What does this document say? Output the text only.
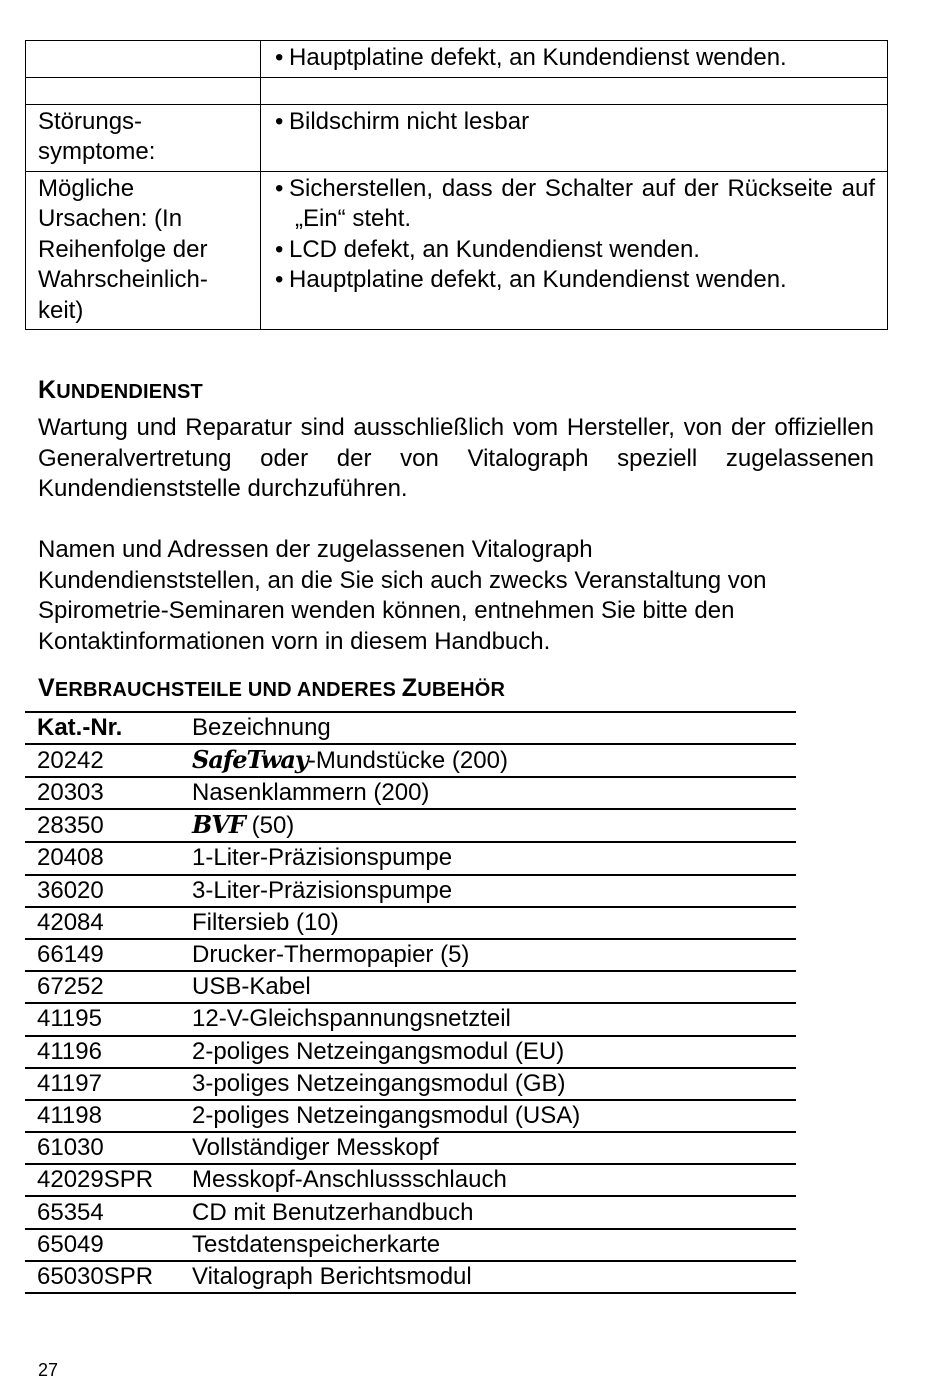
	• Hauptplatine defekt, an Kundendienst wenden.

Störungs-
symptome:	• Bildschirm nicht lesbar

Mögliche
Ursachen: (In
Reihenfolge der
Wahrscheinlich-
keit)	• Sicherstellen, dass der Schalter auf der Rückseite auf „Ein“ steht.
• LCD defekt, an Kundendienst wenden.
• Hauptplatine defekt, an Kundendienst wenden.
KUNDENDIENST
Wartung und Reparatur sind ausschließlich vom Hersteller, von der offiziellen Generalvertretung oder der von Vitalograph speziell zugelassenen Kundendienststelle durchzuführen.
Namen und Adressen der zugelassenen Vitalograph
Kundendienststellen, an die Sie sich auch zwecks Veranstaltung von
Spirometrie-Seminaren wenden können, entnehmen Sie bitte den
Kontaktinformationen vorn in diesem Handbuch.
VERBRAUCHSTEILE UND ANDERES ZUBEHÖR
Kat.-Nr.	Bezeichnung
20242	SafeTway-Mundstücke (200)
20303	Nasenklammern (200)
28350	BVF (50)
20408	1-Liter-Präzisionspumpe
36020	3-Liter-Präzisionspumpe
42084	Filtersieb (10)
66149	Drucker-Thermopapier (5)
67252	USB-Kabel
41195	12-V-Gleichspannungsnetzteil
41196	2-poliges Netzeingangsmodul (EU)
41197	3-poliges Netzeingangsmodul (GB)
41198	2-poliges Netzeingangsmodul (USA)
61030	Vollständiger Messkopf
42029SPR	Messkopf-Anschlussschlauch
65354	CD mit Benutzerhandbuch
65049	Testdatenspeicherkarte
65030SPR	Vitalograph Berichtsmodul
27
